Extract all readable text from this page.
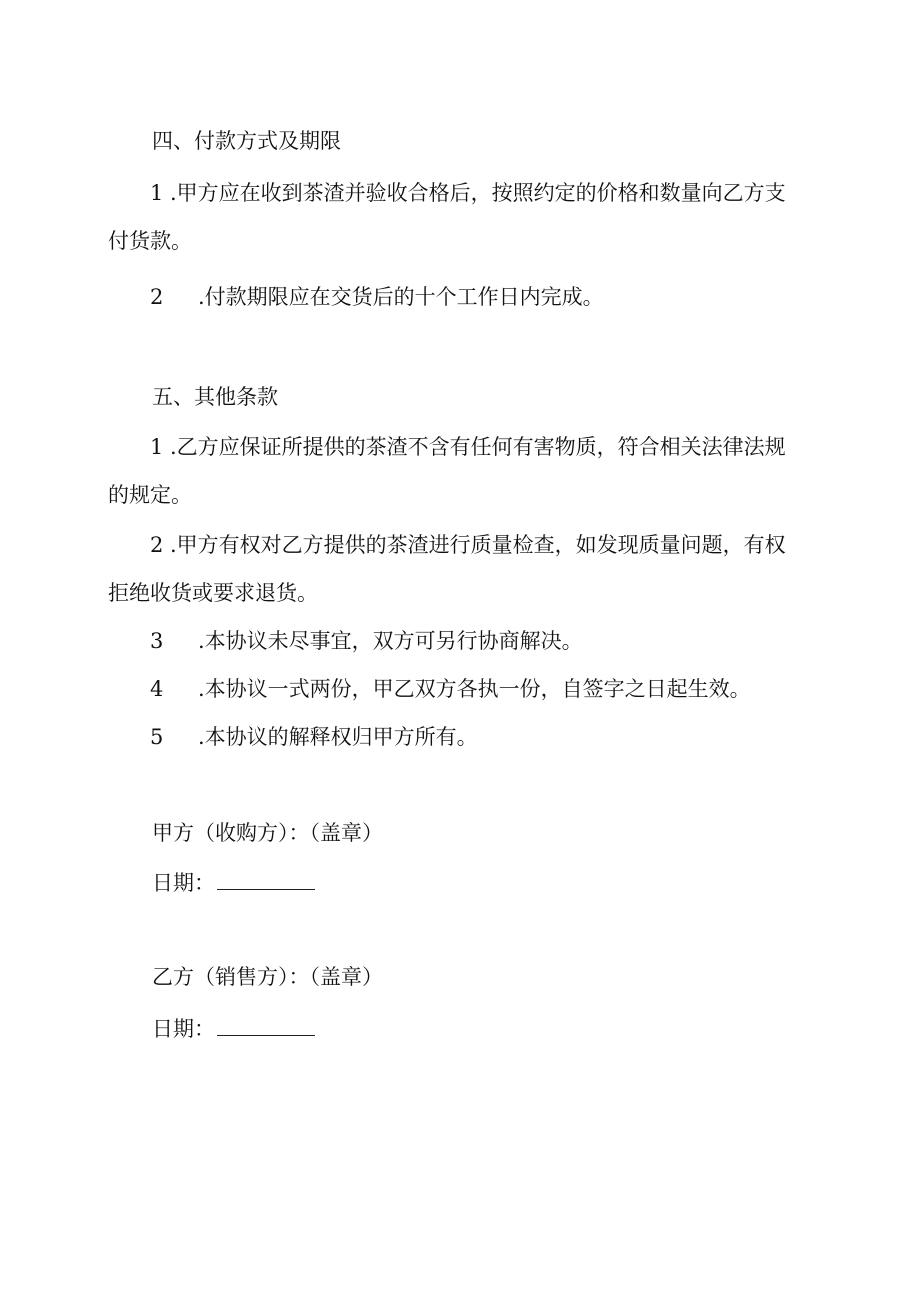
四、付款方式及期限
1 .甲方应在收到茶渣并验收合格后，按照约定的价格和数量向乙方支
付货款。
2 .付款期限应在交货后的十个工作日内完成。
五、其他条款
1 .乙方应保证所提供的茶渣不含有任何有害物质，符合相关法律法规
的规定。
2 .甲方有权对乙方提供的茶渣进行质量检查，如发现质量问题，有权
拒绝收货或要求退货。
3 .本协议未尽事宜，双方可另行协商解决。
4 .本协议一式两份，甲乙双方各执一份，自签字之日起生效。
5 .本协议的解释权归甲方所有。
甲方（收购方）：（盖章）
日期：
乙方（销售方）：（盖章）
日期：
